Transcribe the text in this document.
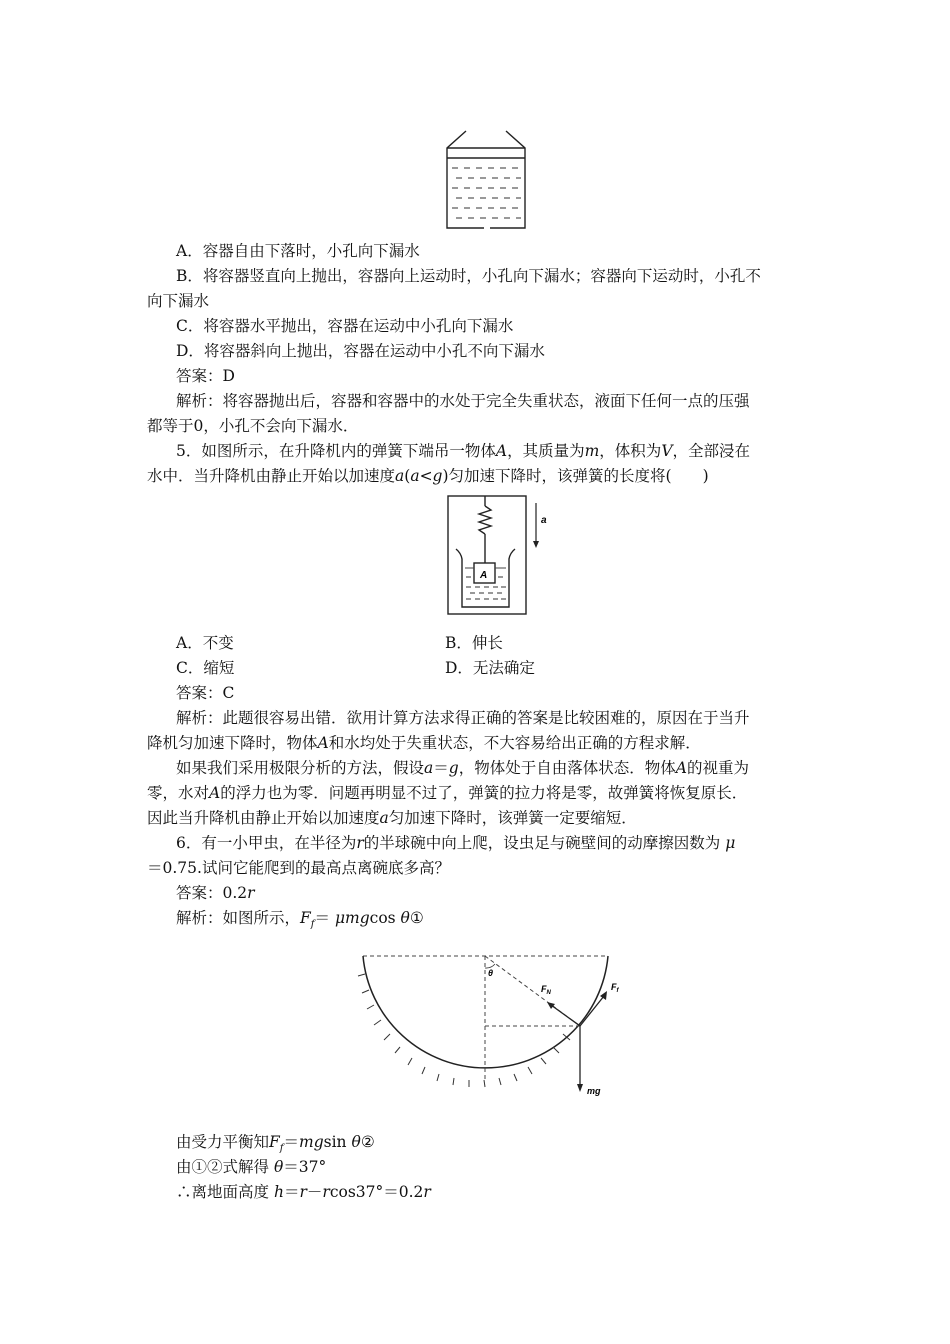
A．容器自由下落时，小孔向下漏水
B．将容器竖直向上抛出，容器向上运动时，小孔向下漏水；容器向下运动时，小孔不
向下漏水
C．将容器水平抛出，容器在运动中小孔向下漏水
D．将容器斜向上抛出，容器在运动中小孔不向下漏水
答案：D
解析：将容器抛出后，容器和容器中的水处于完全失重状态，液面下任何一点的压强
都等于0，小孔不会向下漏水．
5．如图所示，在升降机内的弹簧下端吊一物体A，其质量为m，体积为V，全部浸在
水中．当升降机由静止开始以加速度a(a<g)匀加速下降时，该弹簧的长度将(　　)
A
a
A．不变	B．伸长
C．缩短	D．无法确定
答案：C
解析：此题很容易出错．欲用计算方法求得正确的答案是比较困难的，原因在于当升
降机匀加速下降时，物体A和水均处于失重状态，不大容易给出正确的方程求解．
如果我们采用极限分析的方法，假设a＝g，物体处于自由落体状态．物体A的视重为
零，水对A的浮力也为零．问题再明显不过了，弹簧的拉力将是零，故弹簧将恢复原长．
因此当升降机由静止开始以加速度a匀加速下降时，该弹簧一定要缩短．
6．有一小甲虫，在半径为r的半球碗中向上爬，设虫足与碗壁间的动摩擦因数为 μ
＝0.75.试问它能爬到的最高点离碗底多高？
答案：0.2r
解析：如图所示，$F_f= \mu mgcos$ θ①
θ
$F_N$
$F_f$
mg
由受力平衡知$F_f=mgsin$ θ②
由①②式解得 θ＝37°
∴离地面高度 h＝r－rcos37°＝0.2r
